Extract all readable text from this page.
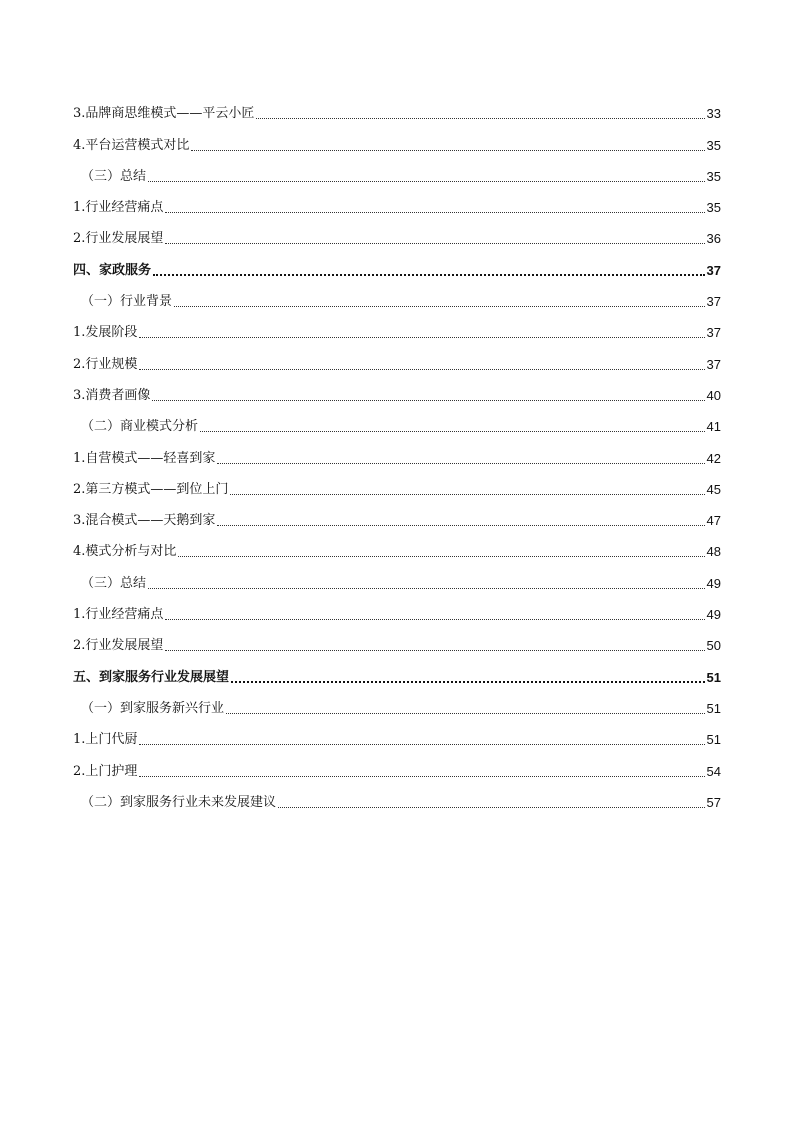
3.品牌商思维模式——平云小匠	33
4.平台运营模式对比	35
（三）总结	35
1.行业经营痛点	35
2.行业发展展望	36
四、家政服务	37
（一）行业背景	37
1.发展阶段	37
2.行业规模	37
3.消费者画像	40
（二）商业模式分析	41
1.自营模式——轻喜到家	42
2.第三方模式——到位上门	45
3.混合模式——天鹅到家	47
4.模式分析与对比	48
（三）总结	49
1.行业经营痛点	49
2.行业发展展望	50
五、到家服务行业发展展望	51
（一）到家服务新兴行业	51
1.上门代厨	51
2.上门护理	54
（二）到家服务行业未来发展建议	57
